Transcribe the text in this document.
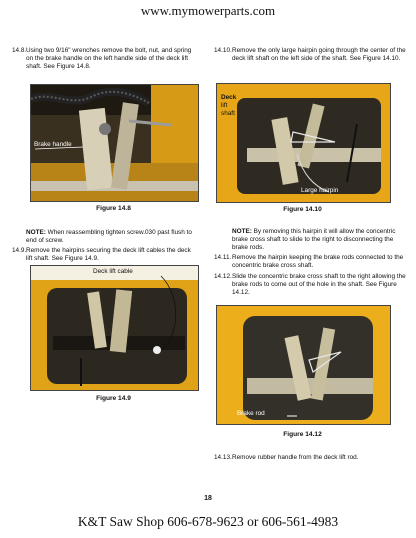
www.mymowerparts.com
14.8. Using two 9/16" wrenches remove the bolt, nut, and spring on the brake handle on the left handle side of the deck lift shaft. See Figure 14.8.
Brake handle
Figure 14.8
NOTE: When reassembling tighten screw.030 past flush to end of screw.
14.9. Remove the hairpins securing the deck lift cables the deck lift shaft. See Figure 14.9.
Deck lift cable
Figure 14.9
14.10. Remove the only large hairpin going through the center of the deck lift shaft on the left side of the shaft. See Figure 14.10.
Deck
lift
shaft
Large hairpin
Figure 14.10
NOTE: By removing this hairpin it will allow the concentric brake cross shaft to slide to the right to disconnecting the brake rods.
14.11. Remove the hairpin keeping the brake rods connected to the concentric brake cross shaft.
14.12. Slide the concentric brake cross shaft to the right allowing the brake rods to come out of the hole in the shaft. See Figure 14.12.
Brake rod
Figure 14.12
14.13. Remove rubber handle from the deck lift rod.
18
K&T Saw Shop 606-678-9623 or 606-561-4983
